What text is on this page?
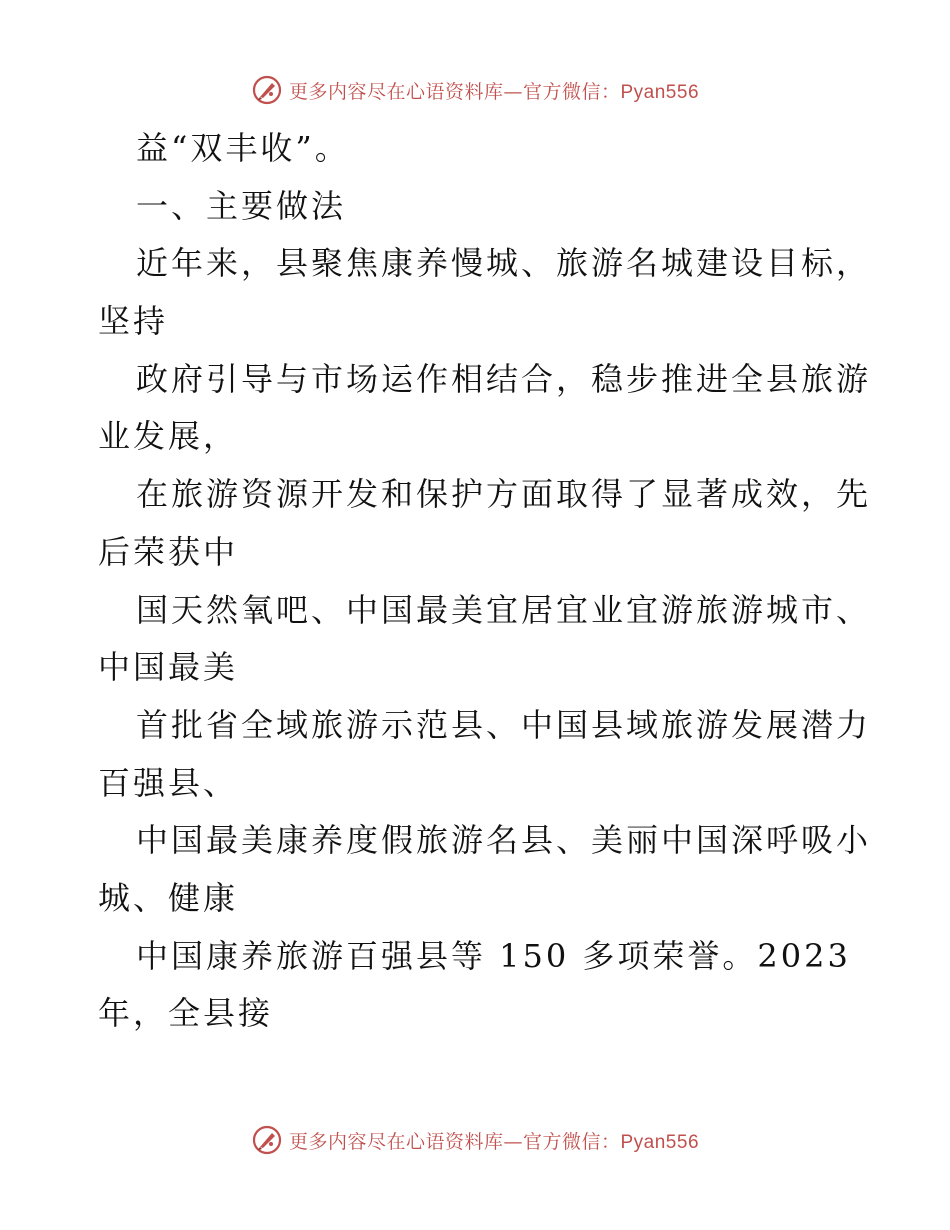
更多内容尽在心语资料库—官方微信：Pyan556
益“双丰收”。
一、主要做法
近年来，县聚焦康养慢城、旅游名城建设目标，
坚持
政府引导与市场运作相结合，稳步推进全县旅游
业发展，
在旅游资源开发和保护方面取得了显著成效，先
后荣获中
国天然氧吧、中国最美宜居宜业宜游旅游城市、
中国最美
首批省全域旅游示范县、中国县域旅游发展潜力
百强县、
中国最美康养度假旅游名县、美丽中国深呼吸小
城、健康
中国康养旅游百强县等 150 多项荣誉。2023
年，全县接
更多内容尽在心语资料库—官方微信：Pyan556
